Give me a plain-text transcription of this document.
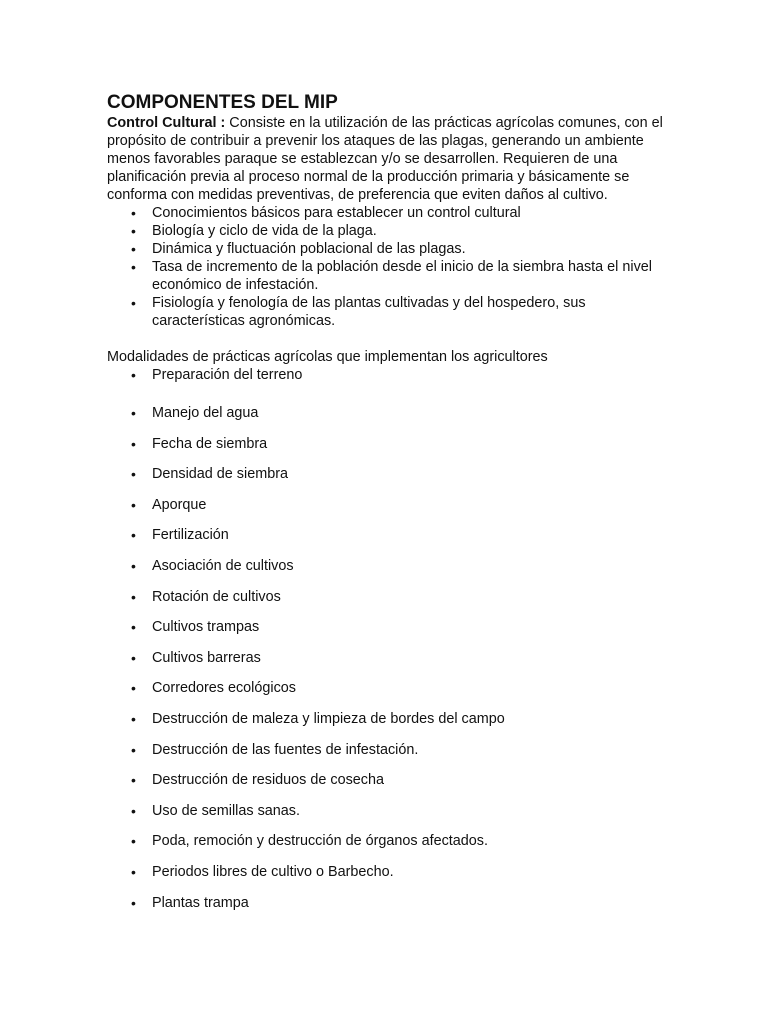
COMPONENTES DEL MIP

Control Cultural : Consiste en la utilización de las prácticas agrícolas comunes, con el propósito de contribuir a prevenir los ataques de las plagas, generando un ambiente menos favorables paraque se establezcan y/o se desarrollen. Requieren de una planificación previa al proceso normal de la producción primaria y básicamente se conforma con medidas preventivas, de preferencia que eviten daños al cultivo.

• Conocimientos básicos para establecer un control cultural
• Biología y ciclo de vida de la plaga.
• Dinámica y fluctuación poblacional de las plagas.
• Tasa de incremento de la población desde el inicio de la siembra hasta el nivel económico de infestación.
• Fisiología y fenología de las plantas cultivadas y del hospedero, sus características agronómicas.

Modalidades de prácticas agrícolas que implementan los agricultores

• Preparación del terreno
• Manejo del agua
• Fecha de siembra
• Densidad de siembra
• Aporque
• Fertilización
• Asociación de cultivos
• Rotación de cultivos
• Cultivos trampas
• Cultivos barreras
• Corredores ecológicos
• Destrucción de maleza y limpieza de bordes del campo
• Destrucción de las fuentes de infestación.
• Destrucción de residuos de cosecha
• Uso de semillas sanas.
• Poda, remoción y destrucción de órganos afectados.
• Periodos libres de cultivo o Barbecho.
• Plantas trampa
